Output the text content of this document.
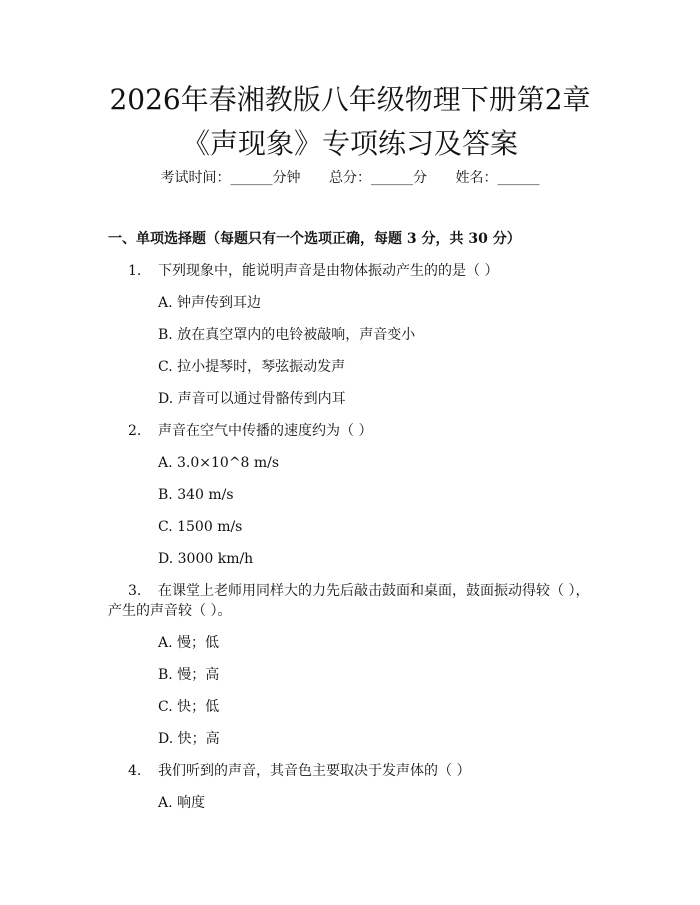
2026年春湘教版八年级物理下册第2章《声现象》专项练习及答案
考试时间：______分钟 总分：______分 姓名：______
一、单项选择题（每题只有一个选项正确，每题 3 分，共 30 分）
1. 下列现象中，能说明声音是由物体振动产生的的是（ ）
A. 钟声传到耳边
B. 放在真空罩内的电铃被敲响，声音变小
C. 拉小提琴时，琴弦振动发声
D. 声音可以通过骨骼传到内耳
2. 声音在空气中传播的速度约为（ ）
A. 3.0×10^8 m/s
B. 340 m/s
C. 1500 m/s
D. 3000 km/h
3. 在课堂上老师用同样大的力先后敲击鼓面和桌面，鼓面振动得较（ ），
产生的声音较（ ）。
A. 慢；低
B. 慢；高
C. 快；低
D. 快；高
4. 我们听到的声音，其音色主要取决于发声体的（ ）
A. 响度
